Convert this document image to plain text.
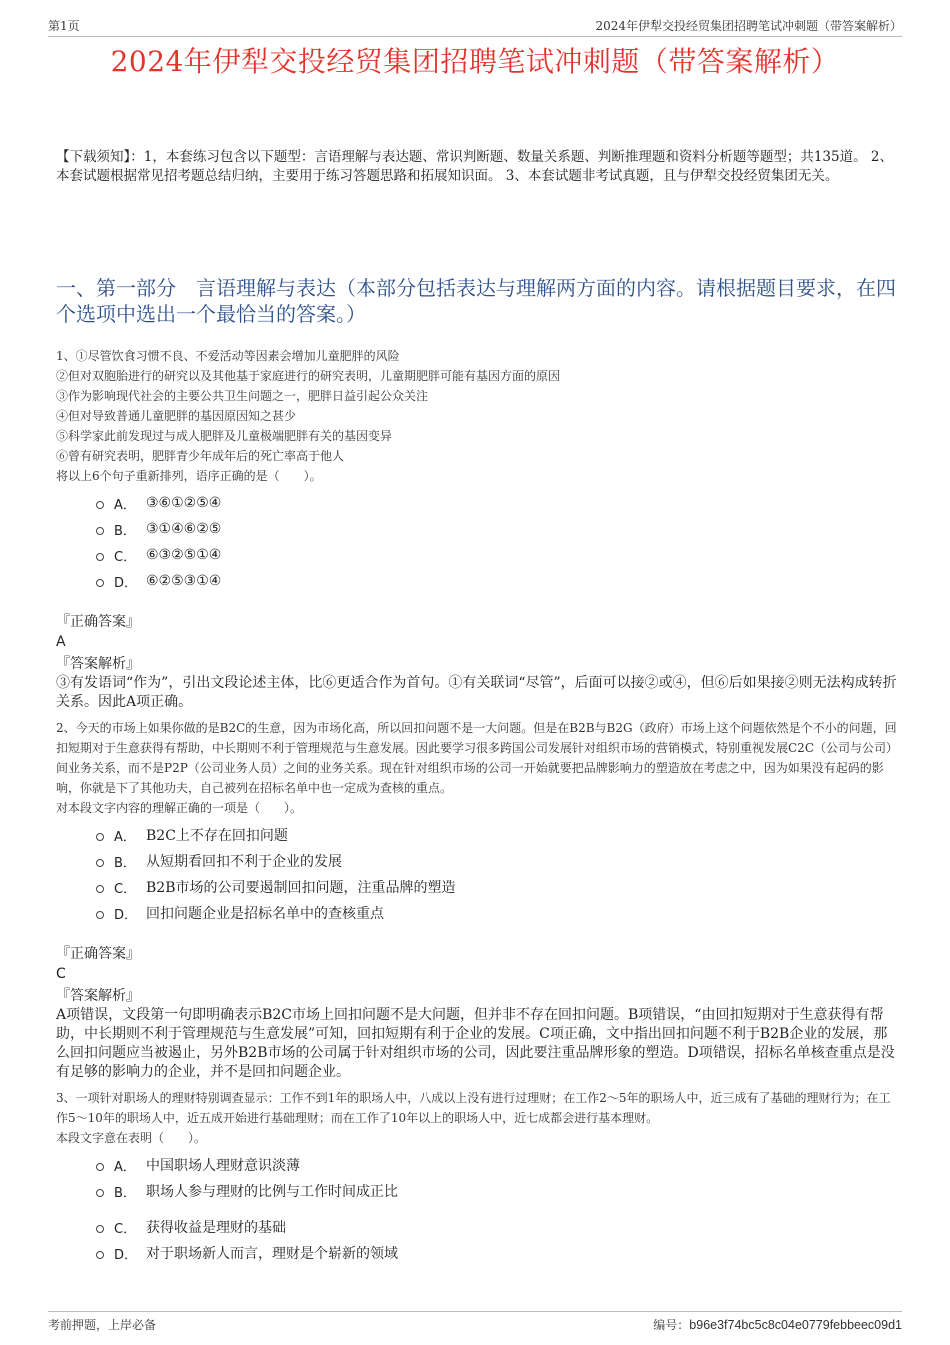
第1页	2024年伊犁交投经贸集团招聘笔试冲刺题（带答案解析）
2024年伊犁交投经贸集团招聘笔试冲刺题（带答案解析）
【下载须知】：1，本套练习包含以下题型：言语理解与表达题、常识判断题、数量关系题、判断推理题和资料分析题等题型；共135道。 2、本套试题根据常见招考题总结归纳，主要用于练习答题思路和拓展知识面。 3、本套试题非考试真题，且与伊犁交投经贸集团无关。
一、第一部分　言语理解与表达（本部分包括表达与理解两方面的内容。请根据题目要求，在四个选项中选出一个最恰当的答案。）

1、①尽管饮食习惯不良、不爱活动等因素会增加儿童肥胖的风险

②但对双胞胎进行的研究以及其他基于家庭进行的研究表明，儿童期肥胖可能有基因方面的原因

③作为影响现代社会的主要公共卫生问题之一，肥胖日益引起公众关注

④但对导致普通儿童肥胖的基因原因知之甚少

⑤科学家此前发现过与成人肥胖及儿童极端肥胖有关的基因变异

⑥曾有研究表明，肥胖青少年成年后的死亡率高于他人

将以上6个句子重新排列，语序正确的是（　　）。

A． ③⑥①②⑤④
B． ③①④⑥②⑤
C． ⑥③②⑤①④
D． ⑥②⑤③①④
『正确答案』
A
『答案解析』
③有发语词“作为”，引出文段论述主体，比⑥更适合作为首句。①有关联词“尽管”，后面可以接②或④，但⑥后如果接②则无法构成转折关系。因此A项正确。

2、今天的市场上如果你做的是B2C的生意，因为市场化高，所以回扣问题不是一大问题。但是在B2B与B2G（政府）市场上这个问题依然是个不小的问题，回扣短期对于生意获得有帮助，中长期则不利于管理规范与生意发展。因此要学习很多跨国公司发展针对组织市场的营销模式，特别重视发展C2C（公司与公司）间业务关系，而不是P2P（公司业务人员）之间的业务关系。现在针对组织市场的公司一开始就要把品牌影响力的塑造放在考虑之中，因为如果没有起码的影响，你就是下了其他功夫，自己被列在招标名单中也一定成为查核的重点。

对本段文字内容的理解正确的一项是（　　）。

A． B2C上不存在回扣问题
B． 从短期看回扣不利于企业的发展
C． B2B市场的公司要遏制回扣问题，注重品牌的塑造
D． 回扣问题企业是招标名单中的查核重点
『正确答案』
C
『答案解析』
A项错误，文段第一句即明确表示B2C市场上回扣问题不是大问题，但并非不存在回扣问题。B项错误，“由回扣短期对于生意获得有帮助，中长期则不利于管理规范与生意发展”可知，回扣短期有利于企业的发展。C项正确，文中指出回扣问题不利于B2B企业的发展，那么回扣问题应当被遏止，另外B2B市场的公司属于针对组织市场的公司，因此要注重品牌形象的塑造。D项错误，招标名单核查重点是没有足够的影响力的企业，并不是回扣问题企业。

3、一项针对职场人的理财特别调查显示：工作不到1年的职场人中，八成以上没有进行过理财；在工作2～5年的职场人中，近三成有了基础的理财行为；在工作5～10年的职场人中，近五成开始进行基础理财；而在工作了10年以上的职场人中，近七成都会进行基本理财。

本段文字意在表明（　　）。

A． 中国职场人理财意识淡薄
B． 职场人参与理财的比例与工作时间成正比
C． 获得收益是理财的基础
D． 对于职场新人而言，理财是个崭新的领域
考前押题，上岸必备	编号：b96e3f74bc5c8c04e0779febbeec09d1
